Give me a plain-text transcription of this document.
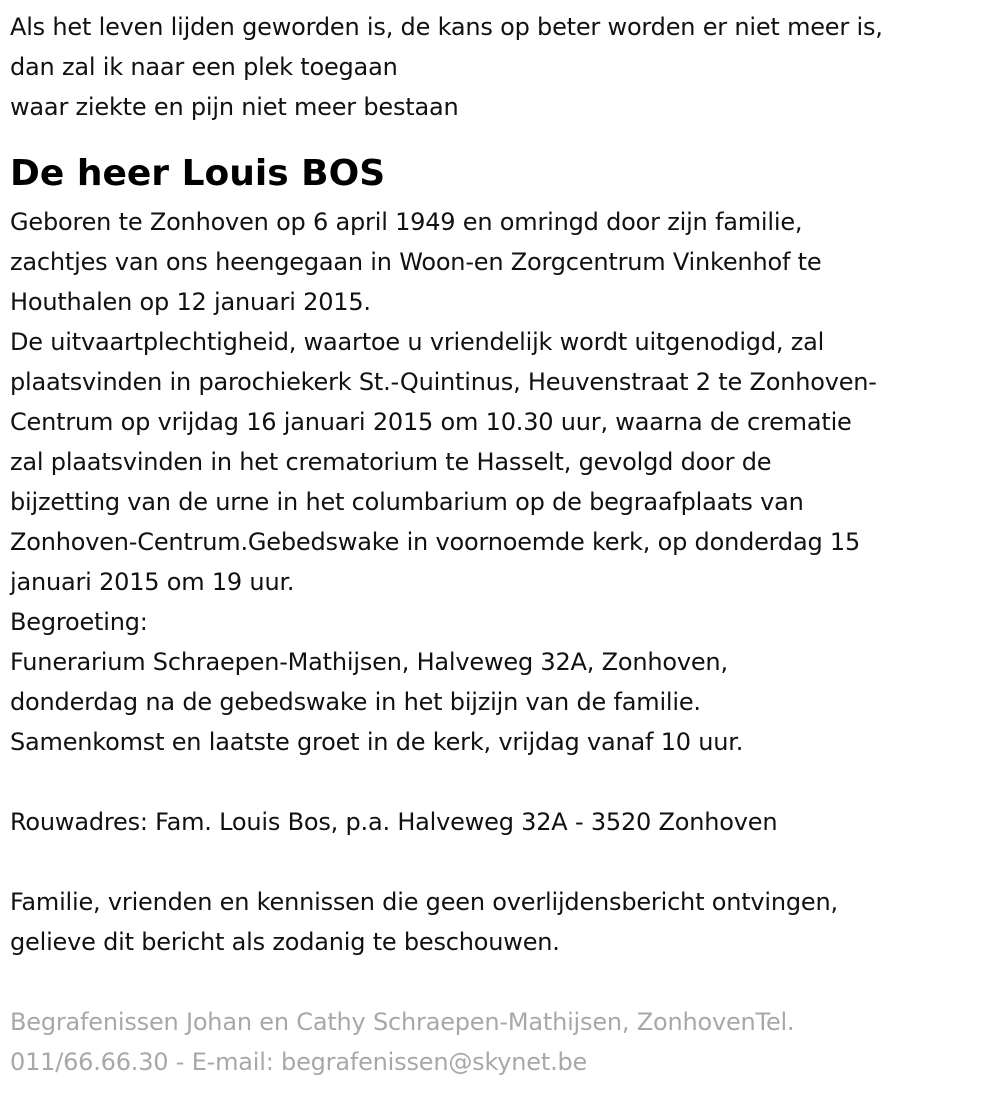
Als het leven lijden geworden is, de kans op beter worden er niet meer is,
dan zal ik naar een plek toegaan
waar ziekte en pijn niet meer bestaan
De heer Louis BOS
Geboren te Zonhoven op 6 april 1949 en omringd door zijn familie,
zachtjes van ons heengegaan in Woon-en Zorgcentrum Vinkenhof te
Houthalen op 12 januari 2015.
De uitvaartplechtigheid, waartoe u vriendelijk wordt uitgenodigd, zal
plaatsvinden in parochiekerk St.-Quintinus, Heuvenstraat 2 te Zonhoven-
Centrum op vrijdag 16 januari 2015 om 10.30 uur, waarna de crematie
zal plaatsvinden in het crematorium te Hasselt, gevolgd door de
bijzetting van de urne in het columbarium op de begraafplaats van
Zonhoven-Centrum.Gebedswake in voornoemde kerk, op donderdag 15
januari 2015 om 19 uur.
Begroeting:
Funerarium Schraepen-Mathijsen, Halveweg 32A, Zonhoven,
donderdag na de gebedswake in het bijzijn van de familie.
Samenkomst en laatste groet in de kerk, vrijdag vanaf 10 uur.
Rouwadres: Fam. Louis Bos, p.a. Halveweg 32A - 3520 Zonhoven
Familie, vrienden en kennissen die geen overlijdensbericht ontvingen,
gelieve dit bericht als zodanig te beschouwen.
Begrafenissen Johan en Cathy Schraepen-Mathijsen, ZonhovenTel.
011/66.66.30 - E-mail: begrafenissen@skynet.be
